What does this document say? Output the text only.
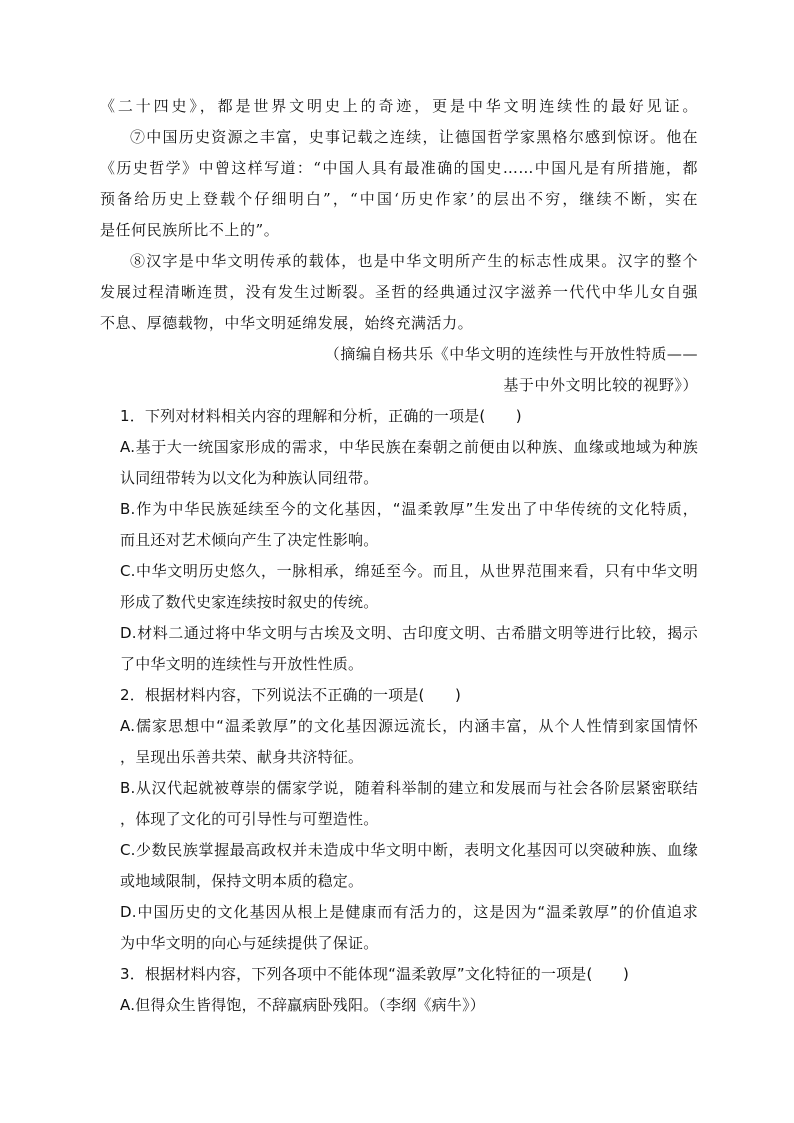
《二十四史》，都是世界文明史上的奇迹，更是中华文明连续性的最好见证。
⑦中国历史资源之丰富，史事记载之连续，让德国哲学家黑格尔感到惊讶。他在
《历史哲学》中曾这样写道：“中国人具有最准确的国史……中国凡是有所措施，都
预备给历史上登载个仔细明白”，“中国‘历史作家’的层出不穷，继续不断，实在
是任何民族所比不上的”。
⑧汉字是中华文明传承的载体，也是中华文明所产生的标志性成果。汉字的整个
发展过程清晰连贯，没有发生过断裂。圣哲的经典通过汉字滋养一代代中华儿女自强
不息、厚德载物，中华文明延绵发展，始终充满活力。
（摘编自杨共乐《中华文明的连续性与开放性特质——
基于中外文明比较的视野》）
1．下列对材料相关内容的理解和分析，正确的一项是(　　)
A.基于大一统国家形成的需求，中华民族在秦朝之前便由以种族、血缘或地域为种族
认同纽带转为以文化为种族认同纽带。
B.作为中华民族延续至今的文化基因，“温柔敦厚”生发出了中华传统的文化特质，
而且还对艺术倾向产生了决定性影响。
C.中华文明历史悠久，一脉相承，绵延至今。而且，从世界范围来看，只有中华文明
形成了数代史家连续按时叙史的传统。
D.材料二通过将中华文明与古埃及文明、古印度文明、古希腊文明等进行比较，揭示
了中华文明的连续性与开放性性质。
2．根据材料内容，下列说法不正确的一项是(　　)
A.儒家思想中“温柔敦厚”的文化基因源远流长，内涵丰富，从个人性情到家国情怀
，呈现出乐善共荣、献身共济特征。
B.从汉代起就被尊崇的儒家学说，随着科举制的建立和发展而与社会各阶层紧密联结
，体现了文化的可引导性与可塑造性。
C.少数民族掌握最高政权并未造成中华文明中断，表明文化基因可以突破种族、血缘
或地域限制，保持文明本质的稳定。
D.中国历史的文化基因从根上是健康而有活力的，这是因为“温柔敦厚”的价值追求
为中华文明的向心与延续提供了保证。
3．根据材料内容，下列各项中不能体现“温柔敦厚”文化特征的一项是(　　)
A.但得众生皆得饱，不辞羸病卧残阳。（李纲《病牛》）
